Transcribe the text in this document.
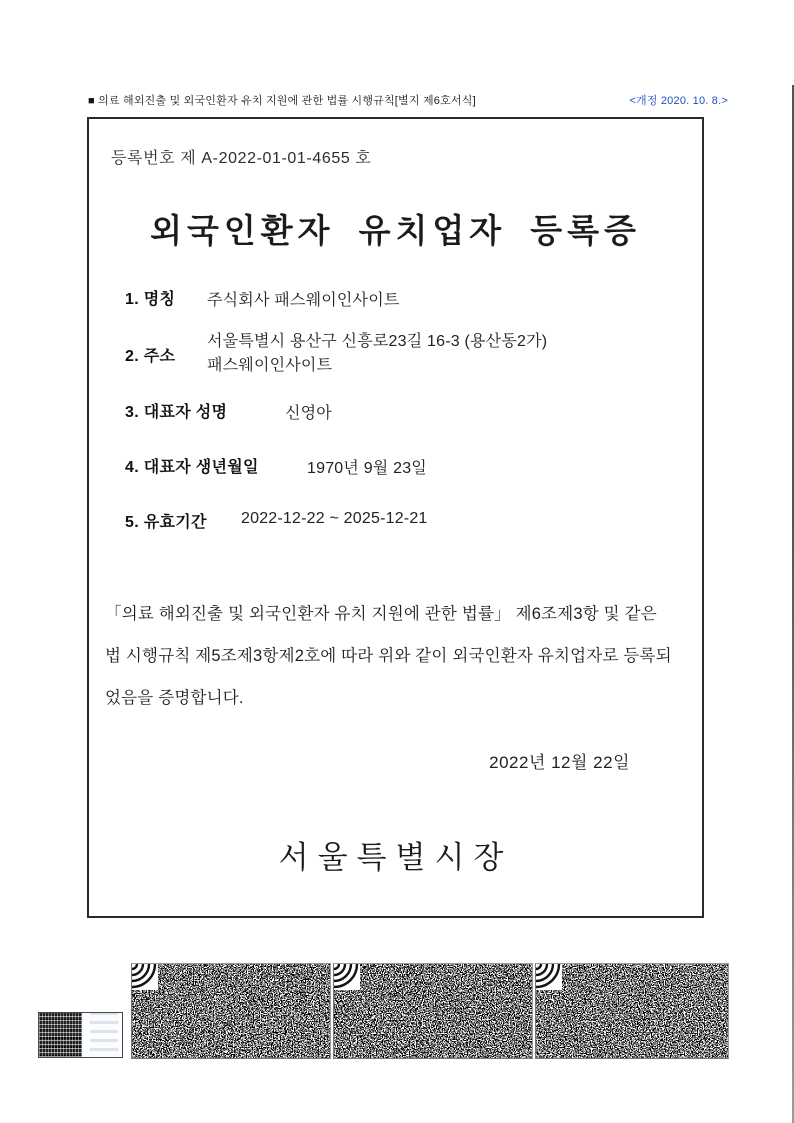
■ 의료 해외진출 및 외국인환자 유치 지원에 관한 법률 시행규칙[별지 제6호서식]	<개정 2020. 10. 8.>
등록번호 제 A-2022-01-01-4655 호
외국인환자 유치업자 등록증
1. 명칭 주식회사 패스웨이인사이트
2. 주소
서울특별시 용산구 신흥로23길 16-3 (용산동2가)
패스웨이인사이트
3. 대표자 성명	신영아
4. 대표자 생년월일	1970년 9월 23일
5. 유효기간 2022-12-22 ~ 2025-12-21
「의료 해외진출 및 외국인환자 유치 지원에 관한 법률」 제6조제3항 및 같은
법 시행규칙 제5조제3항제2호에 따라 위와 같이 외국인환자 유치업자로 등록되
었음을 증명합니다.
2022년 12월 22일
서울특별시장
